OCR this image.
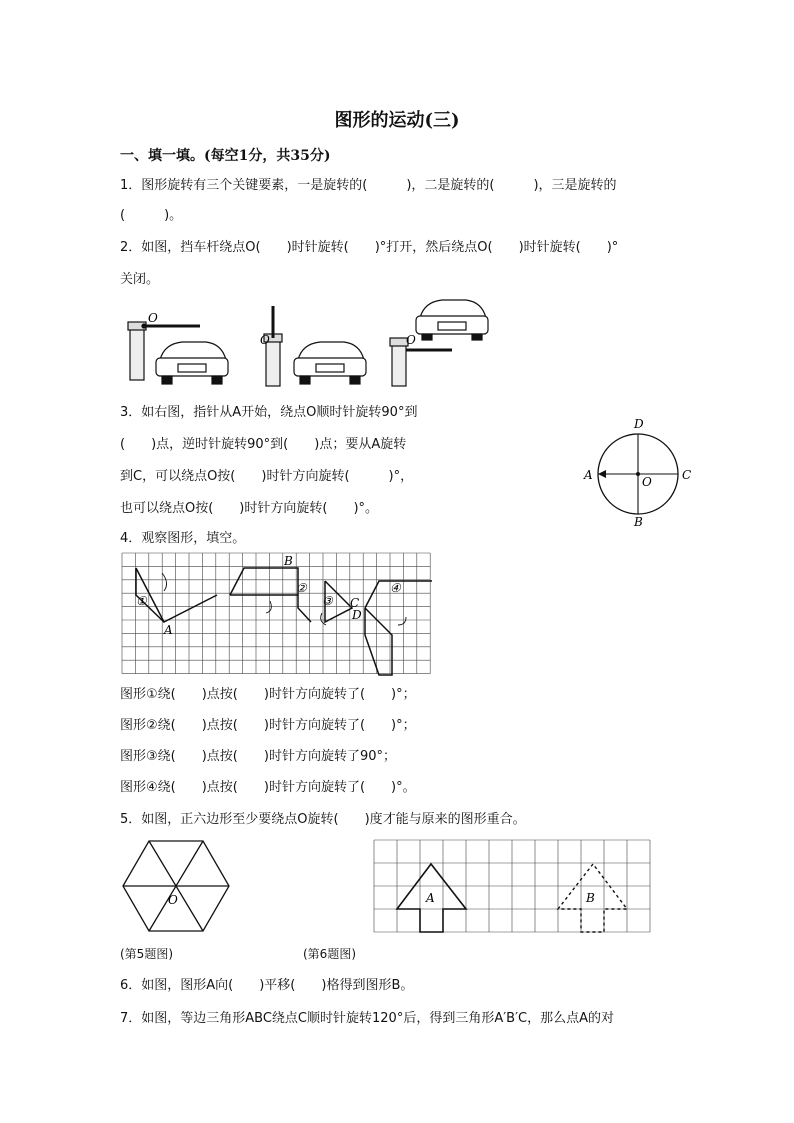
图形的运动(三)
一、填一填。(每空1分，共35分)
1．图形旋转有三个关键要素，一是旋转的(　　　)，二是旋转的(　　　)，三是旋转的
(　　　)。
2．如图，挡车杆绕点O(　　)时针旋转(　　)°打开，然后绕点O(　　)时针旋转(　　)°
关闭。
O
O	O
3．如右图，指针从A开始，绕点O顺时针旋转90°到
(　　)点，逆时针旋转90°到(　　)点；要从A旋转
到C，可以绕点O按(　　)时针方向旋转(　　　)°，
也可以绕点O按(　　)时针方向旋转(　　)°。
D
A	C
B
O
4．观察图形，填空。
①
②
③
④
A
B
C
D
图形①绕(　　)点按(　　)时针方向旋转了(　　)°；
图形②绕(　　)点按(　　)时针方向旋转了(　　)°；
图形③绕(　　)点按(　　)时针方向旋转了90°；
图形④绕(　　)点按(　　)时针方向旋转了(　　)°。
5．如图，正六边形至少要绕点O旋转(　　)度才能与原来的图形重合。
O	A	B
(第5题图)	(第6题图)
6．如图，图形A向(　　)平移(　　)格得到图形B。
7．如图，等边三角形ABC绕点C顺时针旋转120°后，得到三角形A′B′C，那么点A的对
